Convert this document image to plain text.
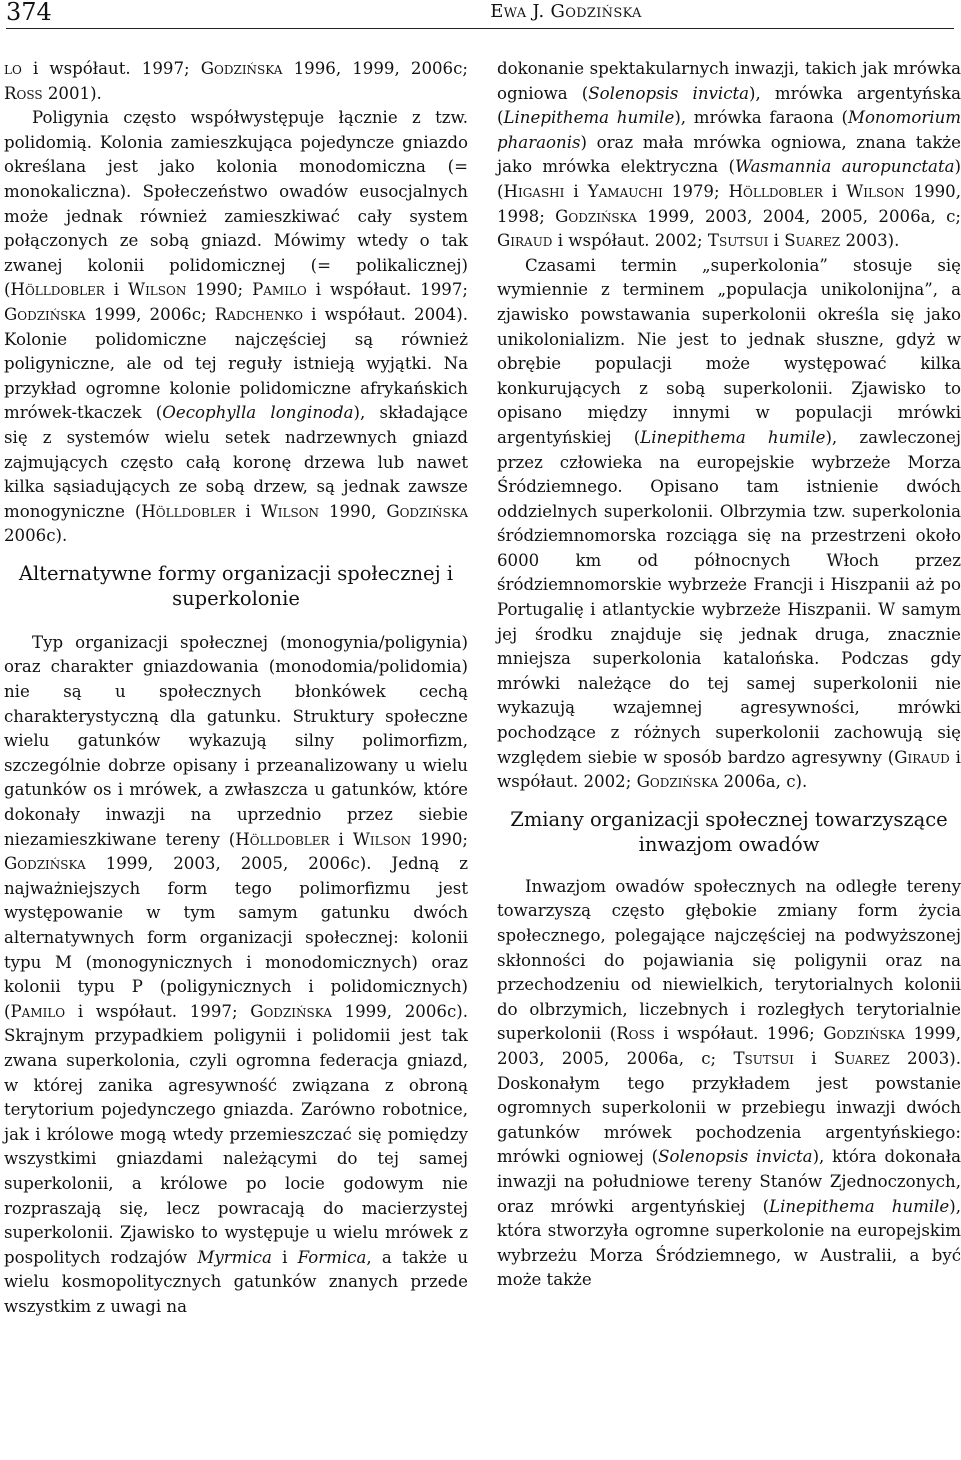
374	Ewa J. Godzińska

lo i współaut. 1997; Godzińska 1996, 1999, 2006c; Ross 2001).

Poligynia często współwystępuje łącznie z tzw. polidomią. Kolonia zamieszkująca pojedyncze gniazdo określana jest jako kolonia monodomiczna (= monokaliczna). Społeczeństwo owadów eusocjalnych może jednak również zamieszkiwać cały system połączonych ze sobą gniazd. Mówimy wtedy o tak zwanej kolonii polidomicznej (= polikalicznej) (Hölldobler i Wilson 1990; Pamilo i współaut. 1997; Godzińska 1999, 2006c; Radchenko i współaut. 2004). Kolonie polidomiczne najczęściej są również poligyniczne, ale od tej reguły istnieją wyjątki. Na przykład ogromne kolonie polidomiczne afrykańskich mrówek-tkaczek (Oecophylla longinoda), składające się z systemów wielu setek nadrzewnych gniazd zajmujących często całą koronę drzewa lub nawet kilka sąsiadujących ze sobą drzew, są jednak zawsze monogyniczne (Hölldobler i Wilson 1990, Godzińska 2006c).

Alternatywne formy organizacji społecznej i superkolonie

Typ organizacji społecznej (monogynia/poligynia) oraz charakter gniazdowania (monodomia/polidomia) nie są u społecznych błonkówek cechą charakterystyczną dla gatunku. Struktury społeczne wielu gatunków wykazują silny polimorfizm, szczególnie dobrze opisany i przeanalizowany u wielu gatunków os i mrówek, a zwłaszcza u gatunków, które dokonały inwazji na uprzednio przez siebie niezamieszkiwane tereny (Hölldobler i Wilson 1990; Godzińska 1999, 2003, 2005, 2006c). Jedną z najważniejszych form tego polimorfizmu jest występowanie w tym samym gatunku dwóch alternatywnych form organizacji społecznej: kolonii typu M (monogynicznych i monodomicznych) oraz kolonii typu P (poligynicznych i polidomicznych) (Pamilo i współaut. 1997; Godzińska 1999, 2006c). Skrajnym przypadkiem poligynii i polidomii jest tak zwana superkolonia, czyli ogromna federacja gniazd, w której zanika agresywność związana z obroną terytorium pojedynczego gniazda. Zarówno robotnice, jak i królowe mogą wtedy przemieszczać się pomiędzy wszystkimi gniazdami należącymi do tej samej superkolonii, a królowe po locie godowym nie rozpraszają się, lecz powracają do macierzystej superkolonii. Zjawisko to występuje u wielu mrówek z pospolitych rodzajów Myrmica i Formica, a także u wielu kosmopolitycznych gatunków znanych przede wszystkim z uwagi na

dokonanie spektakularnych inwazji, takich jak mrówka ogniowa (Solenopsis invicta), mrówka argentyńska (Linepithema humile), mrówka faraona (Monomorium pharaonis) oraz mała mrówka ogniowa, znana także jako mrówka elektryczna (Wasmannia auropunctata) (Higashi i Yamauchi 1979; Hölldobler i Wilson 1990, 1998; Godzińska 1999, 2003, 2004, 2005, 2006a, c; Giraud i współaut. 2002; Tsutsui i Suarez 2003).

Czasami termin „superkolonia” stosuje się wymiennie z terminem „populacja unikolonijna”, a zjawisko powstawania superkolonii określa się jako unikolonializm. Nie jest to jednak słuszne, gdyż w obrębie populacji może występować kilka konkurujących z sobą superkolonii. Zjawisko to opisano między innymi w populacji mrówki argentyńskiej (Linepithema humile), zawleczonej przez człowieka na europejskie wybrzeże Morza Śródziemnego. Opisano tam istnienie dwóch oddzielnych superkolonii. Olbrzymia tzw. superkolonia śródziemnomorska rozciąga się na przestrzeni około 6000 km od północnych Włoch przez śródziemnomorskie wybrzeże Francji i Hiszpanii aż po Portugalię i atlantyckie wybrzeże Hiszpanii. W samym jej środku znajduje się jednak druga, znacznie mniejsza superkolonia katalońska. Podczas gdy mrówki należące do tej samej superkolonii nie wykazują wzajemnej agresywności, mrówki pochodzące z różnych superkolonii zachowują się względem siebie w sposób bardzo agresywny (Giraud i współaut. 2002; Godzińska 2006a, c).

Zmiany organizacji społecznej towarzyszące inwazjom owadów

Inwazjom owadów społecznych na odległe tereny towarzyszą często głębokie zmiany form życia społecznego, polegające najczęściej na podwyższonej skłonności do pojawiania się poligynii oraz na przechodzeniu od niewielkich, terytorialnych kolonii do olbrzymich, liczebnych i rozległych terytorialnie superkolonii (Ross i współaut. 1996; Godzińska 1999, 2003, 2005, 2006a, c; Tsutsui i Suarez 2003). Doskonałym tego przykładem jest powstanie ogromnych superkolonii w przebiegu inwazji dwóch gatunków mrówek pochodzenia argentyńskiego: mrówki ogniowej (Solenopsis invicta), która dokonała inwazji na południowe tereny Stanów Zjednoczonych, oraz mrówki argentyńskiej (Linepithema humile), która stworzyła ogromne superkolonie na europejskim wybrzeżu Morza Śródziemnego, w Australii, a być może także
